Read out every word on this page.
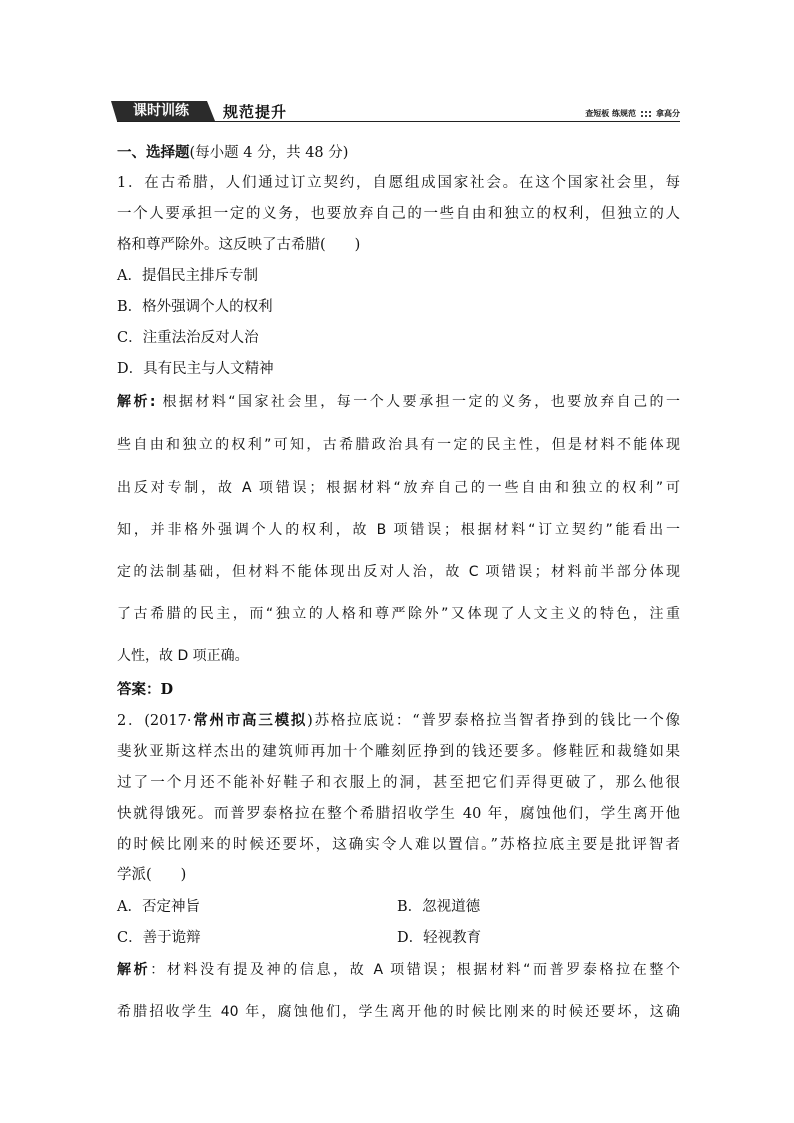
课时训练	规范提升	查短板 练规范	拿高分
一、选择题(每小题 4 分，共 48 分)
1．在古希腊，人们通过订立契约，自愿组成国家社会。在这个国家社会里，每
一个人要承担一定的义务，也要放弃自己的一些自由和独立的权利，但独立的人
格和尊严除外。这反映了古希腊(　　)
A．提倡民主排斥专制
B．格外强调个人的权利
C．注重法治反对人治
D．具有民主与人文精神
解析: 根据材料“国家社会里，每一个人要承担一定的义务，也要放弃自己的一
些自由和独立的权利”可知，古希腊政治具有一定的民主性，但是材料不能体现
出反对专制，故 A 项错误；根据材料“放弃自己的一些自由和独立的权利”可
知，并非格外强调个人的权利，故 B 项错误；根据材料“订立契约”能看出一
定的法制基础，但材料不能体现出反对人治，故 C 项错误；材料前半部分体现
了古希腊的民主，而“独立的人格和尊严除外”又体现了人文主义的特色，注重
人性，故 D 项正确。
答案：D
2．(2017·常州市高三模拟)苏格拉底说：“普罗泰格拉当智者挣到的钱比一个像
斐狄亚斯这样杰出的建筑师再加十个雕刻匠挣到的钱还要多。修鞋匠和裁缝如果
过了一个月还不能补好鞋子和衣服上的洞，甚至把它们弄得更破了，那么他很
快就得饿死。而普罗泰格拉在整个希腊招收学生 40 年，腐蚀他们，学生离开他
的时候比刚来的时候还要坏，这确实令人难以置信。”苏格拉底主要是批评智者
学派(　　)
A．否定神旨	B．忽视道德
C．善于诡辩	D．轻视教育
解析：材料没有提及神的信息，故 A 项错误；根据材料“而普罗泰格拉在整个
希腊招收学生 40 年，腐蚀他们，学生离开他的时候比刚来的时候还要坏，这确
